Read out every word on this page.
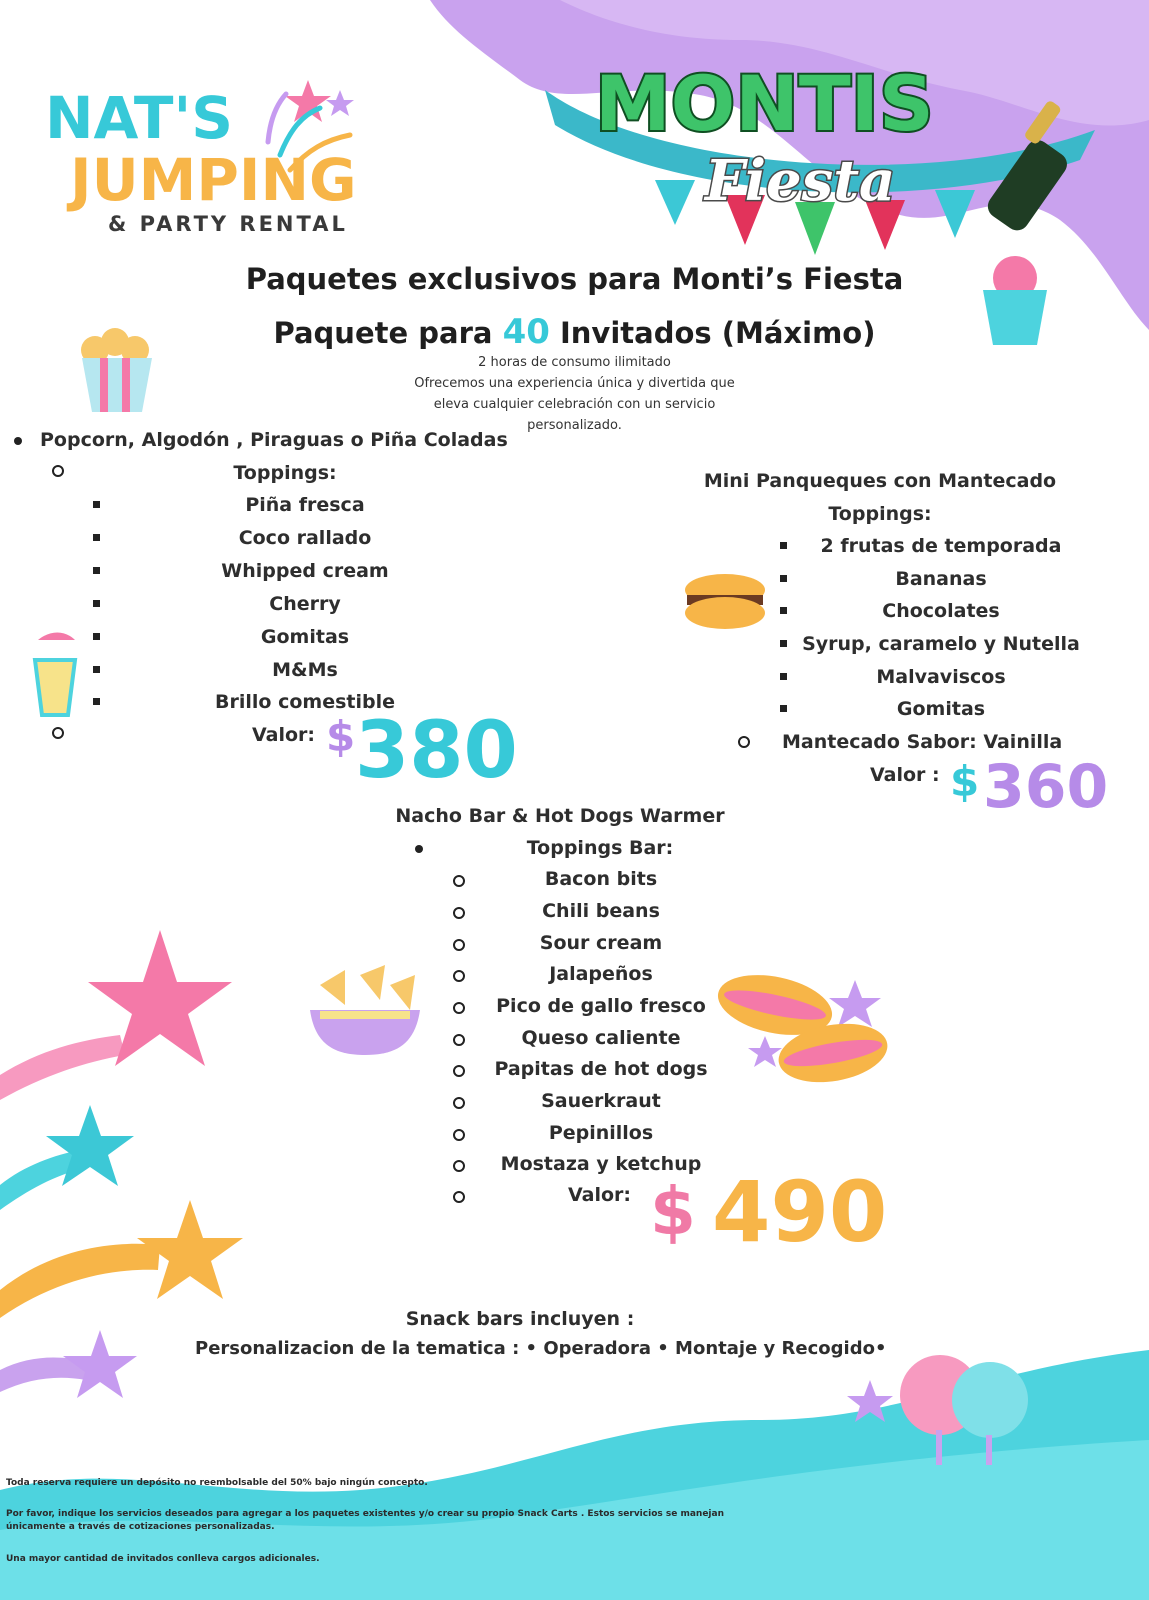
NAT'S
JUMPING
& PARTY RENTAL
MONTIS
Fiesta
Paquetes exclusivos para Monti’s Fiesta
Paquete para 40 Invitados (Máximo)
2 horas de consumo ilimitado
Ofrecemos una experiencia única y divertida que
eleva cualquier celebración con un servicio
personalizado.
Popcorn, Algodón , Piraguas o Piña Coladas
Toppings:
Piña fresca
Coco rallado
Whipped cream
Cherry
Gomitas
M&Ms
Brillo comestible
Valor: $ 380
Mini Panqueques con Mantecado
Toppings:
2 frutas de temporada
Bananas
Chocolates
Syrup, caramelo y Nutella
Malvaviscos
Gomitas
Mantecado Sabor: Vainilla
Valor : $ 360
Nacho Bar & Hot Dogs Warmer
Toppings Bar:
Bacon bits
Chili beans
Sour cream
Jalapeños
Pico de gallo fresco
Queso caliente
Papitas de hot dogs
Sauerkraut
Pepinillos
Mostaza y ketchup
Valor: $ 490
Snack bars incluyen :
Personalizacion de la tematica : • Operadora • Montaje y Recogido•
Toda reserva requiere un depósito no reembolsable del 50% bajo ningún concepto.
Por favor, indique los servicios deseados para agregar a los paquetes existentes y/o crear su propio Snack Carts . Estos servicios se manejan
únicamente a través de cotizaciones personalizadas.
Una mayor cantidad de invitados conlleva cargos adicionales.
